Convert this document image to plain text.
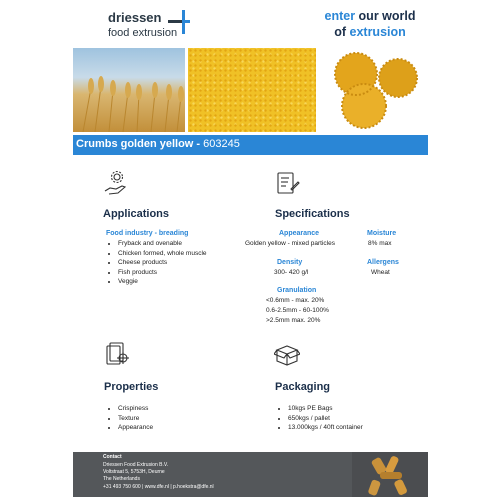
driessen
food extrusion
enter our world
of extrusion
Crumbs golden yellow - 603245
Applications
Food industry - breading
• Fryback and ovenable
• Chicken formed, whole muscle
• Cheese products
• Fish products
• Veggie
Specifications
Appearance
Golden yellow - mixed particles
Moisture
8% max
Density
300- 420 g/l
Allergens
Wheat
Granulation
<0.6mm - max. 20%
0.6-2.5mm - 60-100%
>2.5mm max. 20%
Properties
• Crispiness
• Texture
• Appearance
Packaging
• 10kgs PE Bags
• 650kgs / pallet
• 13.000kgs / 40ft container
Contact
Driessen Food Extrusion B.V.
Voltstraat 5, 5753H, Deurne
The Netherlands
+31 493 750 600 | www.dfe.nl | p.hoekstra@dfe.nl
